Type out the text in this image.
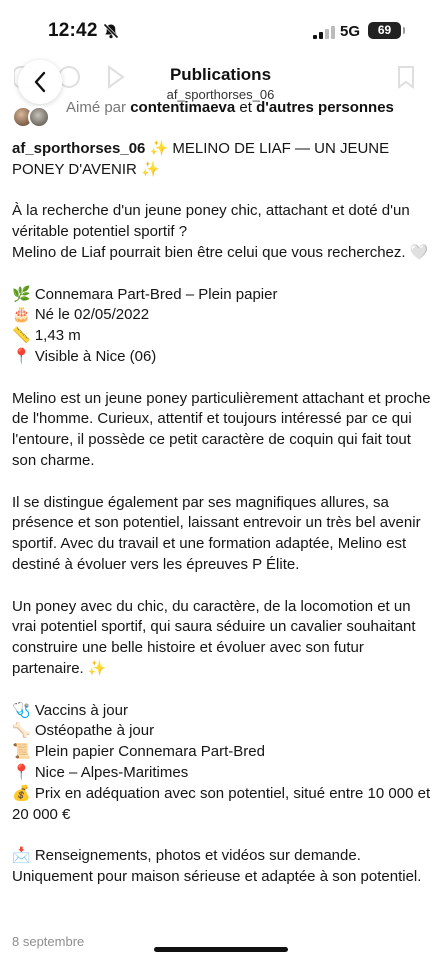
12:42	5G	69
Publications
af_sporthorses_06
Aimé par contentimaeva et d'autres personnes
af_sporthorses_06 ✨ MELINO DE LIAF — UN JEUNE PONEY D'AVENIR ✨
À la recherche d'un jeune poney chic, attachant et doté d'un véritable potentiel sportif ?
Melino de Liaf pourrait bien être celui que vous recherchez. 🤍
🌿 Connemara Part-Bred – Plein papier
🎂 Né le 02/05/2022
📏 1,43 m
📍 Visible à Nice (06)
Melino est un jeune poney particulièrement attachant et proche de l'homme. Curieux, attentif et toujours intéressé par ce qui l'entoure, il possède ce petit caractère de coquin qui fait tout son charme.
Il se distingue également par ses magnifiques allures, sa présence et son potentiel, laissant entrevoir un très bel avenir sportif. Avec du travail et une formation adaptée, Melino est destiné à évoluer vers les épreuves P Élite.
Un poney avec du chic, du caractère, de la locomotion et un vrai potentiel sportif, qui saura séduire un cavalier souhaitant construire une belle histoire et évoluer avec son futur partenaire. ✨
🩺 Vaccins à jour
🦴 Ostéopathe à jour
📜 Plein papier Connemara Part-Bred
📍 Nice – Alpes-Maritimes
💰 Prix en adéquation avec son potentiel, situé entre 10 000 et 20 000 €
📩 Renseignements, photos et vidéos sur demande. Uniquement pour maison sérieuse et adaptée à son potentiel.
8 septembre
